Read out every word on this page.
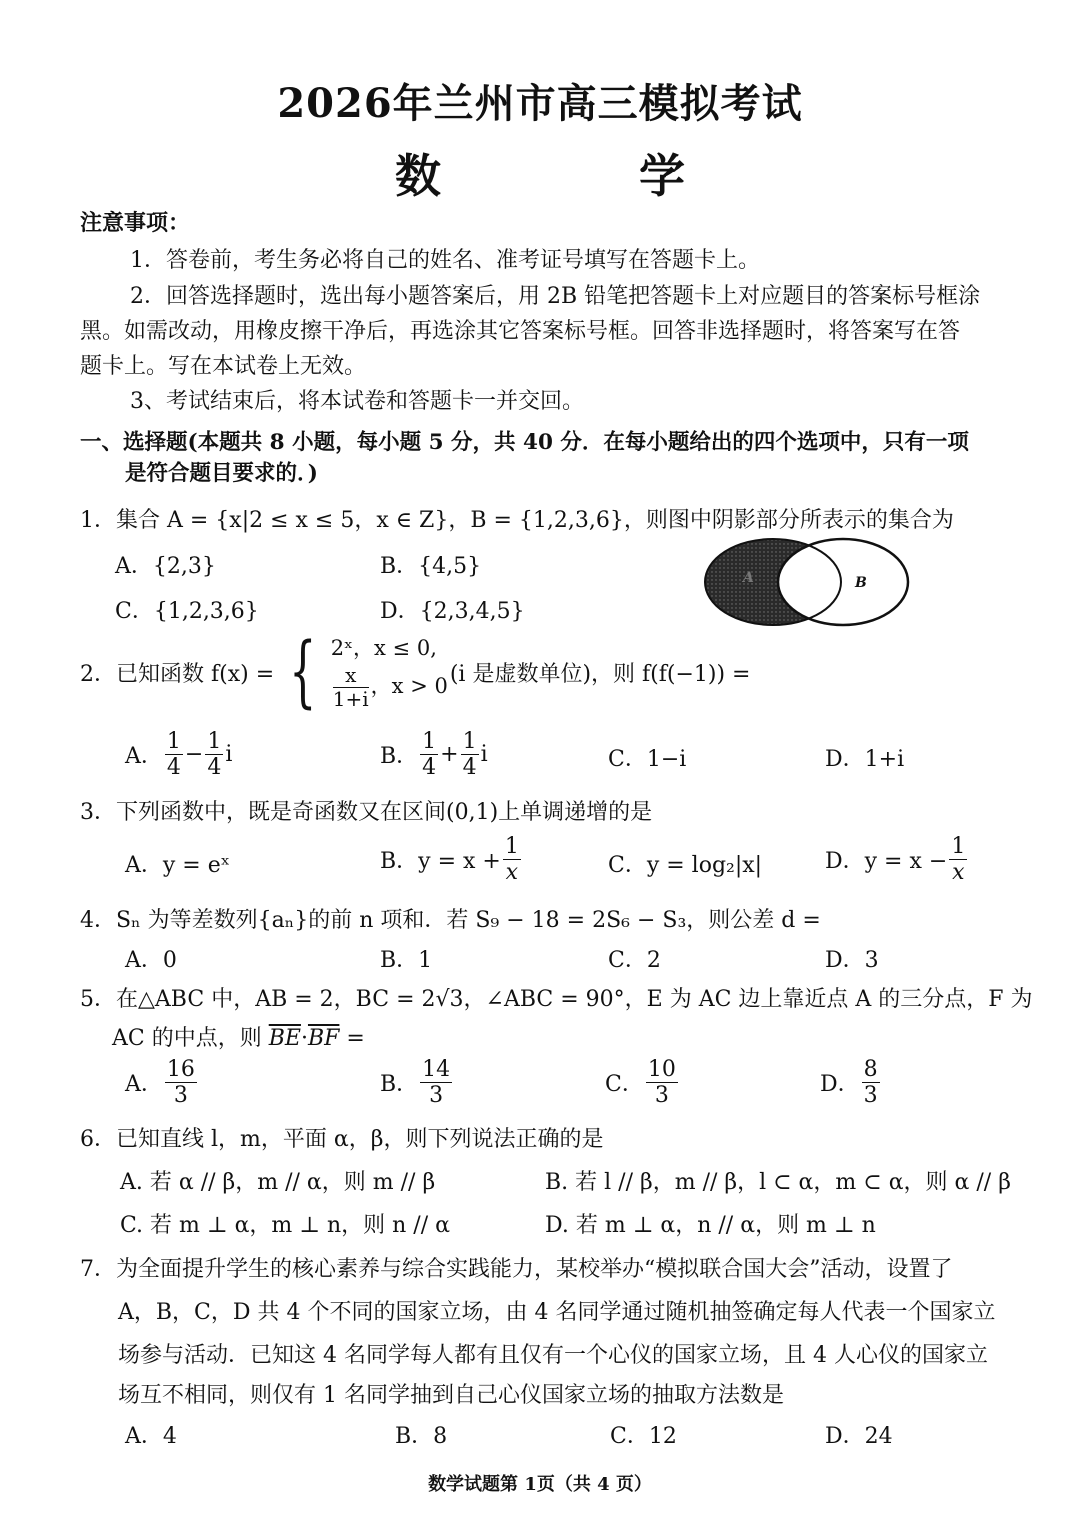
2026年兰州市高三模拟考试
数 学
注意事项：
1．答卷前，考生务必将自己的姓名、准考证号填写在答题卡上。
2．回答选择题时，选出每小题答案后，用 2B 铅笔把答题卡上对应题目的答案标号框涂
黑。如需改动，用橡皮擦干净后，再选涂其它答案标号框。回答非选择题时，将答案写在答
题卡上。写在本试卷上无效。
3、考试结束后，将本试卷和答题卡一并交回。
一、选择题(本题共 8 小题，每小题 5 分，共 40 分．在每小题给出的四个选项中，只有一项
是符合题目要求的．)
1．集合 A = {x|2 ≤ x ≤ 5，x ∈ Z}，B = {1,2,3,6}，则图中阴影部分所表示的集合为
A．{2,3}	B．{4,5}
C．{1,2,3,6}	D．{2,3,4,5}
A	B
2．已知函数 f(x) = { 2ˣ，x ≤ 0,
$\frac{x}{1+i}$ ，x > 0 (i 是虚数单位)，则 f(f(−1)) =
A． $\frac{1}{4} - \frac{1}{4}$ i	B． $\frac{1}{4} + \frac{1}{4}$ i	C．1−i	D．1+i
3．下列函数中，既是奇函数又在区间(0,1)上单调递增的是
A．y = eˣ	B．$y = x + \frac{1}{x}$	C．y = log₂|x|	D．$y = x - \frac{1}{x}$
4．Sₙ 为等差数列{aₙ}的前 n 项和．若 S₉ − 18 = 2S₆ − S₃，则公差 d =
A．0	B．1	C．2	D．3
5．在△ABC 中，AB = 2，BC = 2√3，∠ABC = 90°，E 为 AC 边上靠近点 A 的三分点，F 为
AC 的中点，则 $\overline{BE}\cdot\overline{BF}$ =
A． $\frac{16}{3}$	B． $\frac{14}{3}$	C． $\frac{10}{3}$	D． $\frac{8}{3}$
6．已知直线 l，m，平面 α，β，则下列说法正确的是
A. 若 α // β，m // α，则 m // β	B. 若 l // β，m // β，l ⊂ α，m ⊂ α，则 α // β
C. 若 m ⊥ α，m ⊥ n，则 n // α	D. 若 m ⊥ α，n // α，则 m ⊥ n
7．为全面提升学生的核心素养与综合实践能力，某校举办“模拟联合国大会”活动，设置了
A，B，C，D 共 4 个不同的国家立场，由 4 名同学通过随机抽签确定每人代表一个国家立
场参与活动．已知这 4 名同学每人都有且仅有一个心仪的国家立场，且 4 人心仪的国家立
场互不相同，则仅有 1 名同学抽到自己心仪国家立场的抽取方法数是
A．4	B．8	C．12	D．24
数学试题第 1页（共 4 页）
